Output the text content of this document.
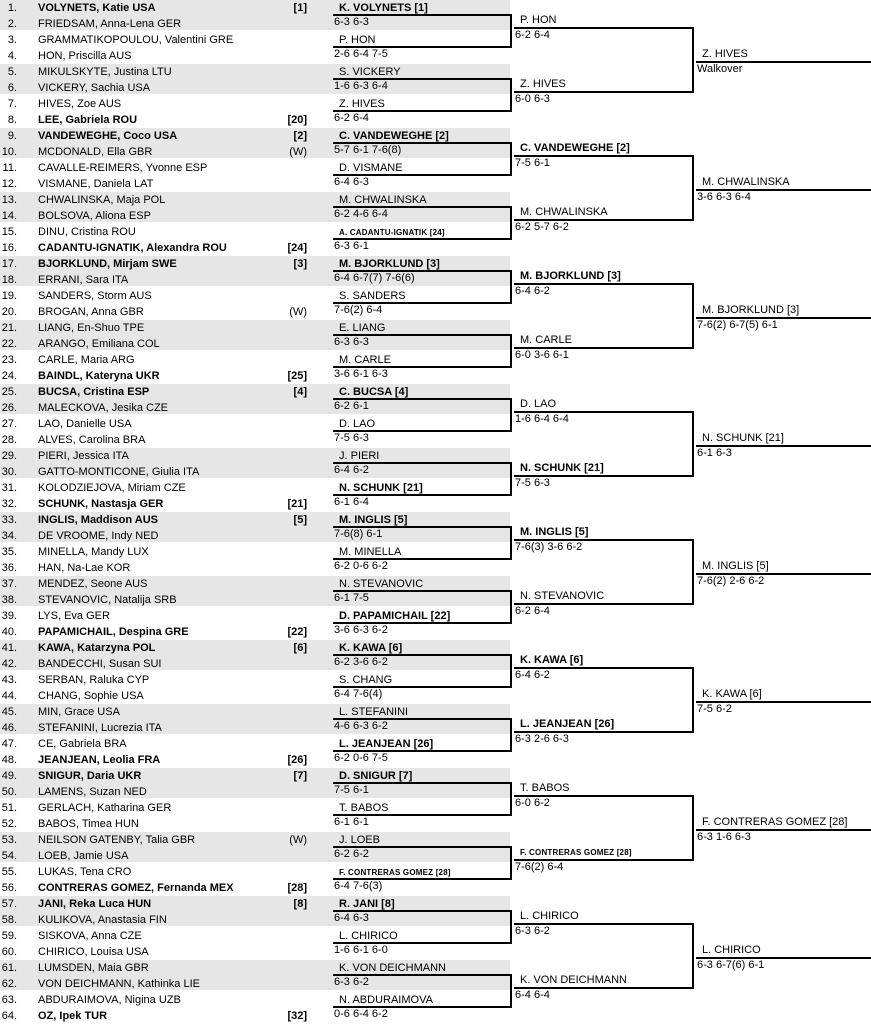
1. VOLYNETS, Katie USA	[1]
2. FRIEDSAM, Anna-Lena GER
3. GRAMMATIKOPOULOU, Valentini GRE
4. HON, Priscilla AUS
5. MIKULSKYTE, Justina LTU
6. VICKERY, Sachia USA
7. HIVES, Zoe AUS
8. LEE, Gabriela ROU	[20]
9. VANDEWEGHE, Coco USA	[2]
10. MCDONALD, Ella GBR	(W)
11. CAVALLE-REIMERS, Yvonne ESP
12. VISMANE, Daniela LAT
13. CHWALINSKA, Maja POL
14. BOLSOVA, Aliona ESP
15. DINU, Cristina ROU
16. CADANTU-IGNATIK, Alexandra ROU	[24]
17. BJORKLUND, Mirjam SWE	[3]
18. ERRANI, Sara ITA
19. SANDERS, Storm AUS
20. BROGAN, Anna GBR	(W)
21. LIANG, En-Shuo TPE
22. ARANGO, Emiliana COL
23. CARLE, Maria ARG
24. BAINDL, Kateryna UKR	[25]
25. BUCSA, Cristina ESP	[4]
26. MALECKOVA, Jesika CZE
27. LAO, Danielle USA
28. ALVES, Carolina BRA
29. PIERI, Jessica ITA
30. GATTO-MONTICONE, Giulia ITA
31. KOLODZIEJOVA, Miriam CZE
32. SCHUNK, Nastasja GER	[21]
33. INGLIS, Maddison AUS	[5]
34. DE VROOME, Indy NED
35. MINELLA, Mandy LUX
36. HAN, Na-Lae KOR
37. MENDEZ, Seone AUS
38. STEVANOVIC, Natalija SRB
39. LYS, Eva GER
40. PAPAMICHAIL, Despina GRE	[22]
41. KAWA, Katarzyna POL	[6]
42. BANDECCHI, Susan SUI
43. SERBAN, Raluka CYP
44. CHANG, Sophie USA
45. MIN, Grace USA
46. STEFANINI, Lucrezia ITA
47. CE, Gabriela BRA
48. JEANJEAN, Leolia FRA	[26]
49. SNIGUR, Daria UKR	[7]
50. LAMENS, Suzan NED
51. GERLACH, Katharina GER
52. BABOS, Timea HUN
53. NEILSON GATENBY, Talia GBR	(W)
54. LOEB, Jamie USA
55. LUKAS, Tena CRO
56. CONTRERAS GOMEZ, Fernanda MEX	[28]
57. JANI, Reka Luca HUN	[8]
58. KULIKOVA, Anastasia FIN
59. SISKOVA, Anna CZE
60. CHIRICO, Louisa USA
61. LUMSDEN, Maia GBR
62. VON DEICHMANN, Kathinka LIE
63. ABDURAIMOVA, Nigina UZB
64. OZ, Ipek TUR	[32]
K. VOLYNETS [1]
6-3 6-3
P. HON
2-6 6-4 7-5
S. VICKERY
1-6 6-3 6-4
Z. HIVES
6-2 6-4
C. VANDEWEGHE [2]
5-7 6-1 7-6(8)
D. VISMANE
6-4 6-3
M. CHWALINSKA
6-2 4-6 6-4
A. CADANTU-IGNATIK [24]
6-3 6-1
M. BJORKLUND [3]
6-4 6-7(7) 7-6(6)
S. SANDERS
7-6(2) 6-4
E. LIANG
6-3 6-3
M. CARLE
3-6 6-1 6-3
C. BUCSA [4]
6-2 6-1
D. LAO
7-5 6-3
J. PIERI
6-4 6-2
N. SCHUNK [21]
6-1 6-4
M. INGLIS [5]
7-6(8) 6-1
M. MINELLA
6-2 0-6 6-2
N. STEVANOVIC
6-1 7-5
D. PAPAMICHAIL [22]
3-6 6-3 6-2
K. KAWA [6]
6-2 3-6 6-2
S. CHANG
6-4 7-6(4)
L. STEFANINI
4-6 6-3 6-2
L. JEANJEAN [26]
6-2 0-6 7-5
D. SNIGUR [7]
7-5 6-1
T. BABOS
6-1 6-1
J. LOEB
6-2 6-2
F. CONTRERAS GOMEZ [28]
6-4 7-6(3)
R. JANI [8]
6-4 6-3
L. CHIRICO
1-6 6-1 6-0
K. VON DEICHMANN
6-3 6-2
N. ABDURAIMOVA
0-6 6-4 6-2
P. HON
6-2 6-4
Z. HIVES
6-0 6-3
C. VANDEWEGHE [2]
7-5 6-1
M. CHWALINSKA
6-2 5-7 6-2
M. BJORKLUND [3]
6-4 6-2
M. CARLE
6-0 3-6 6-1
D. LAO
1-6 6-4 6-4
N. SCHUNK [21]
7-5 6-3
M. INGLIS [5]
7-6(3) 3-6 6-2
N. STEVANOVIC
6-2 6-4
K. KAWA [6]
6-4 6-2
L. JEANJEAN [26]
6-3 2-6 6-3
T. BABOS
6-0 6-2
F. CONTRERAS GOMEZ [28]
7-6(2) 6-4
L. CHIRICO
6-3 6-2
K. VON DEICHMANN
6-4 6-4
Z. HIVES
Walkover
M. CHWALINSKA
3-6 6-3 6-4
M. BJORKLUND [3]
7-6(2) 6-7(5) 6-1
N. SCHUNK [21]
6-1 6-3
M. INGLIS [5]
7-6(2) 2-6 6-2
K. KAWA [6]
7-5 6-2
F. CONTRERAS GOMEZ [28]
6-3 1-6 6-3
L. CHIRICO
6-3 6-7(6) 6-1
